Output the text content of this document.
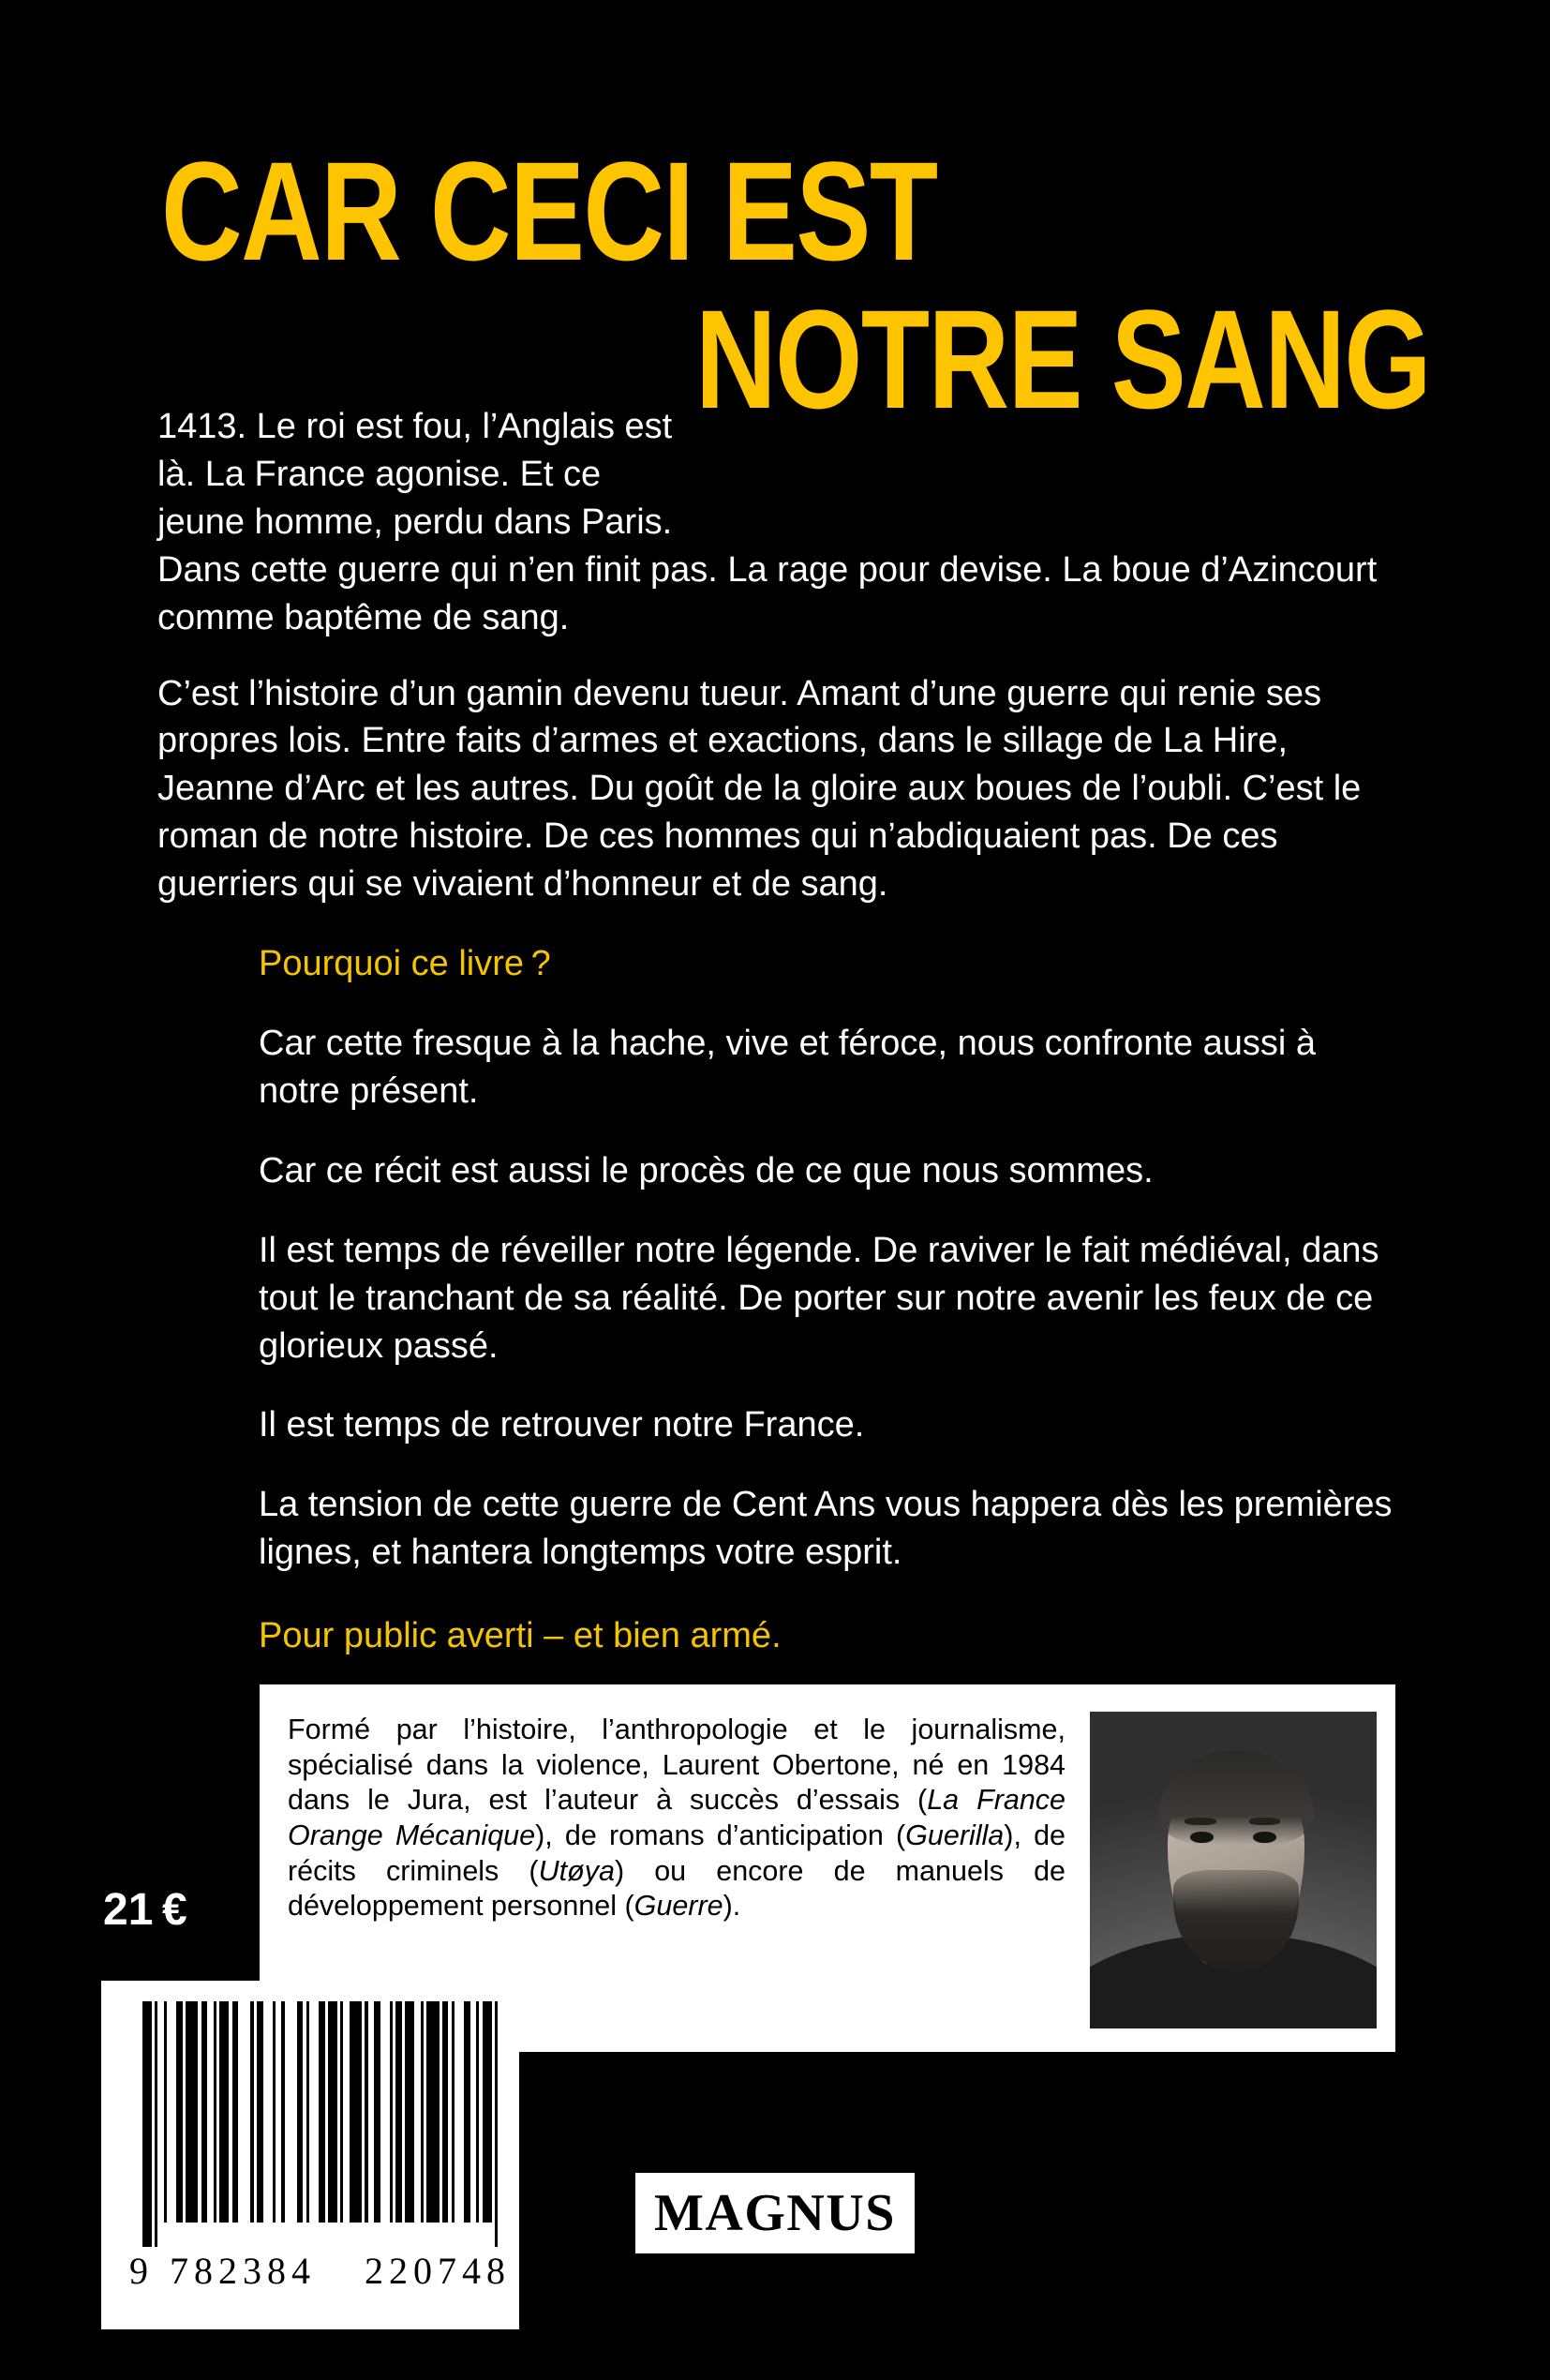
CAR CECI EST
NOTRE SANG

1413. Le roi est fou, l’Anglais est là. La France agonise. Et ce jeune homme, perdu dans Paris. Dans cette guerre qui n’en finit pas. La rage pour devise. La boue d’Azincourt comme baptême de sang.

C’est l’histoire d’un gamin devenu tueur. Amant d’une guerre qui renie ses propres lois. Entre faits d’armes et exactions, dans le sillage de La Hire, Jeanne d’Arc et les autres. Du goût de la gloire aux boues de l’oubli. C’est le roman de notre histoire. De ces hommes qui n’abdiquaient pas. De ces guerriers qui se vivaient d’honneur et de sang.

Pourquoi ce livre ?

Car cette fresque à la hache, vive et féroce, nous confronte aussi à notre présent.

Car ce récit est aussi le procès de ce que nous sommes.

Il est temps de réveiller notre légende. De raviver le fait médiéval, dans tout le tranchant de sa réalité. De porter sur notre avenir les feux de ce glorieux passé.

Il est temps de retrouver notre France.

La tension de cette guerre de Cent Ans vous happera dès les premières lignes, et hantera longtemps votre esprit.

Pour public averti – et bien armé.

21 €
Formé par l’histoire, l’anthropologie et le journalisme, spécialisé dans la violence, Laurent Obertone, né en 1984 dans le Jura, est l’auteur à succès d’essais (La France Orange Mécanique), de romans d’anticipation (Guerilla), de récits criminels (Utøya) ou encore de manuels de développement personnel (Guerre).
9 782384 220748
MAGNUS
